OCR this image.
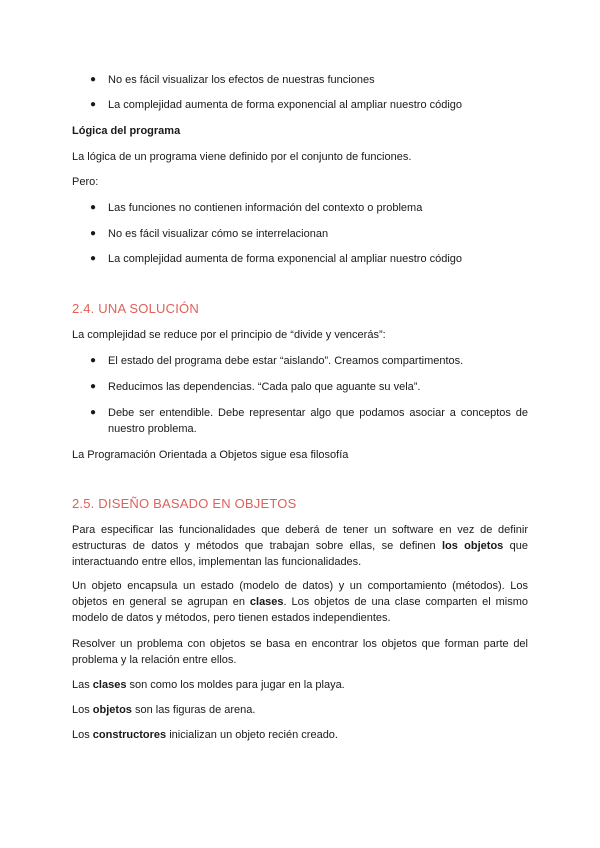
● No es fácil visualizar los efectos de nuestras funciones
● La complejidad aumenta de forma exponencial al ampliar nuestro código
Lógica del programa
La lógica de un programa viene definido por el conjunto de funciones.
Pero:
● Las funciones no contienen información del contexto o problema
● No es fácil visualizar cómo se interrelacionan
● La complejidad aumenta de forma exponencial al ampliar nuestro código
2.4. UNA SOLUCIÓN
La complejidad se reduce por el principio de “divide y vencerás”:
● El estado del programa debe estar “aislando”. Creamos compartimentos.
● Reducimos las dependencias. “Cada palo que aguante su vela”.
● Debe ser entendible. Debe representar algo que podamos asociar a conceptos de nuestro problema.
La Programación Orientada a Objetos sigue esa filosofía
2.5. DISEÑO BASADO EN OBJETOS

Para especificar las funcionalidades que deberá de tener un software en vez de definir estructuras de datos y métodos que trabajan sobre ellas, se definen los objetos que interactuando entre ellos, implementan las funcionalidades.

Un objeto encapsula un estado (modelo de datos) y un comportamiento (métodos). Los objetos en general se agrupan en clases. Los objetos de una clase comparten el mismo modelo de datos y métodos, pero tienen estados independientes.

Resolver un problema con objetos se basa en encontrar los objetos que forman parte del problema y la relación entre ellos.

Las clases son como los moldes para jugar en la playa.

Los objetos son las figuras de arena.

Los constructores inicializan un objeto recién creado.
